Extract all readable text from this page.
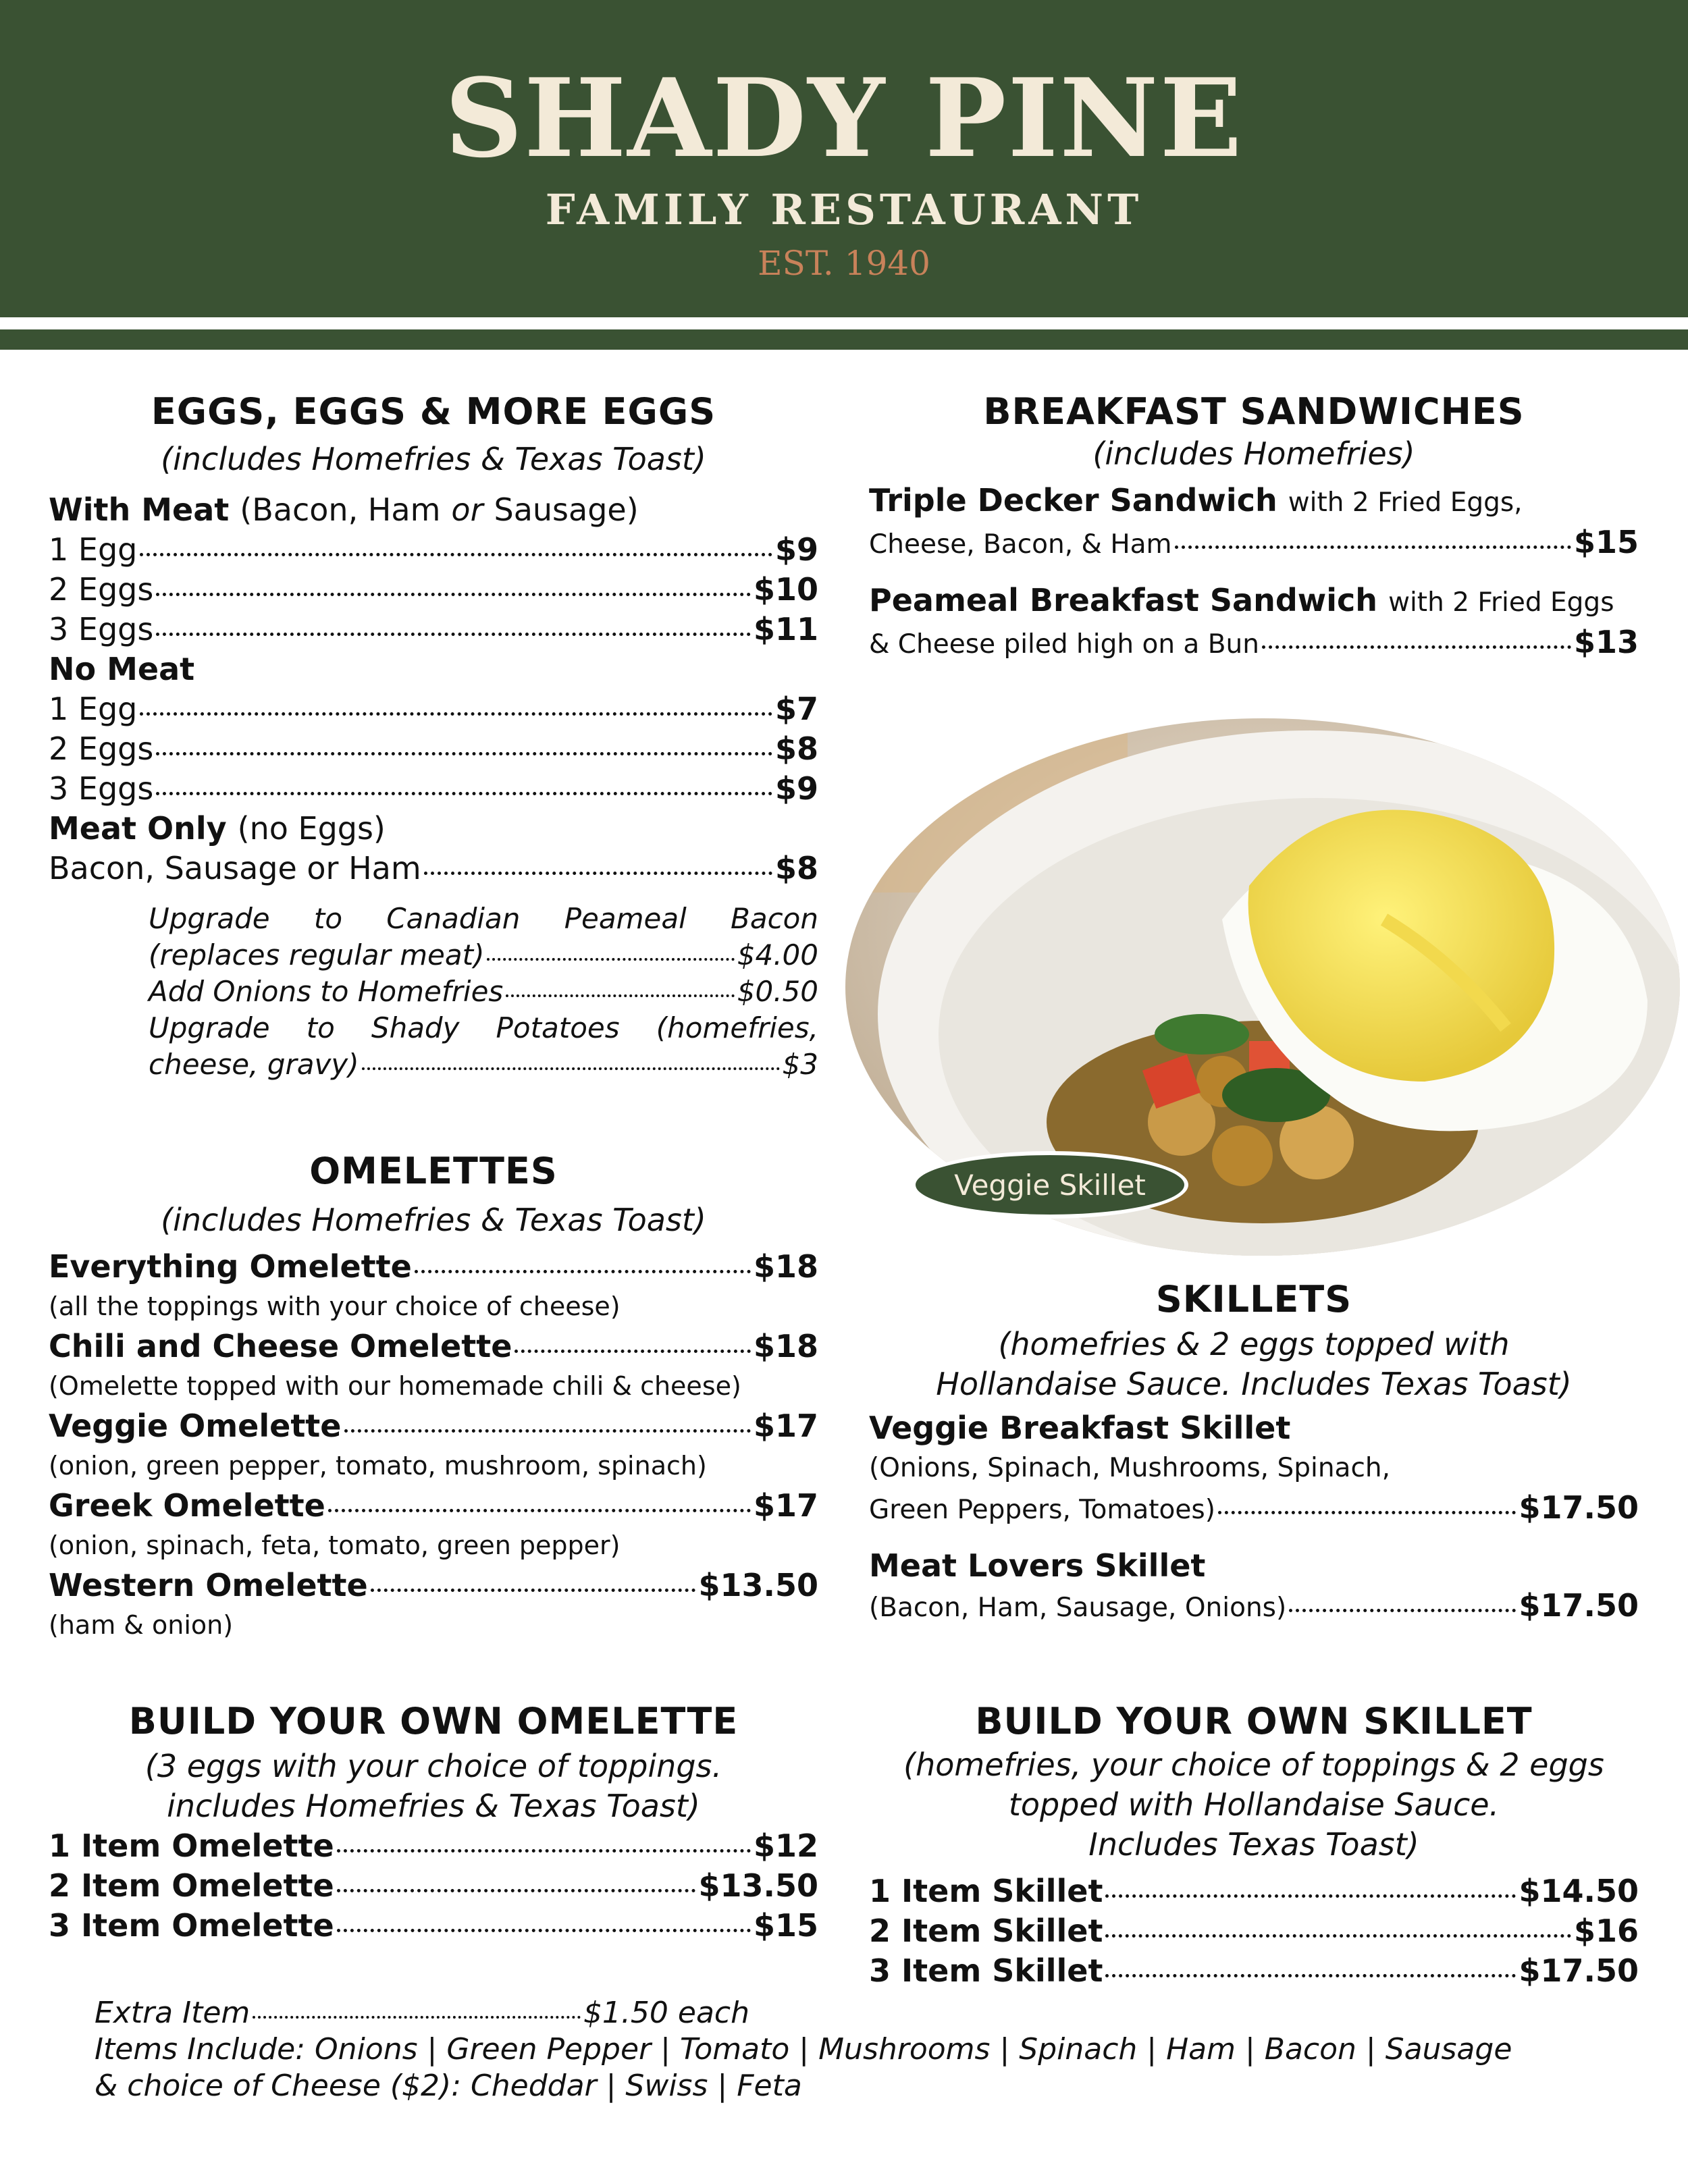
SHADY PINE
FAMILY RESTAURANT
EST. 1940
EGGS, EGGS & MORE EGGS
(includes Homefries & Texas Toast)
With Meat (Bacon, Ham or Sausage)
1 Egg	$9
2 Eggs	$10
3 Eggs	$11
No Meat
1 Egg	$7
2 Eggs	$8
3 Eggs	$9
Meat Only (no Eggs)
Bacon, Sausage or Ham	$8
Upgrade to Canadian Peameal Bacon
(replaces regular meat)	$4.00
Add Onions to Homefries	$0.50
Upgrade to Shady Potatoes (homefries,
cheese, gravy)	$3
OMELETTES
(includes Homefries & Texas Toast)
Everything Omelette	$18
(all the toppings with your choice of cheese)
Chili and Cheese Omelette	$18
(Omelette topped with our homemade chili & cheese)
Veggie Omelette	$17
(onion, green pepper, tomato, mushroom, spinach)
Greek Omelette	$17
(onion, spinach, feta, tomato, green pepper)
Western Omelette	$13.50
(ham & onion)
BUILD YOUR OWN OMELETTE
(3 eggs with your choice of toppings.
includes Homefries & Texas Toast)
1 Item Omelette	$12
2 Item Omelette	$13.50
3 Item Omelette	$15
BREAKFAST SANDWICHES
(includes Homefries)
Triple Decker Sandwich with 2 Fried Eggs,
Cheese, Bacon, & Ham	$15
Peameal Breakfast Sandwich with 2 Fried Eggs
& Cheese piled high on a Bun	$13
Veggie Skillet
SKILLETS
(homefries & 2 eggs topped with
Hollandaise Sauce. Includes Texas Toast)
Veggie Breakfast Skillet
(Onions, Spinach, Mushrooms, Spinach,
Green Peppers, Tomatoes)	$17.50
Meat Lovers Skillet
(Bacon, Ham, Sausage, Onions)	$17.50
BUILD YOUR OWN SKILLET
(homefries, your choice of toppings & 2 eggs
topped with Hollandaise Sauce.
Includes Texas Toast)
1 Item Skillet	$14.50
2 Item Skillet	$16
3 Item Skillet	$17.50
Extra Item	$1.50 each
Items Include: Onions | Green Pepper | Tomato | Mushrooms | Spinach | Ham | Bacon | Sausage
& choice of Cheese ($2): Cheddar | Swiss | Feta
